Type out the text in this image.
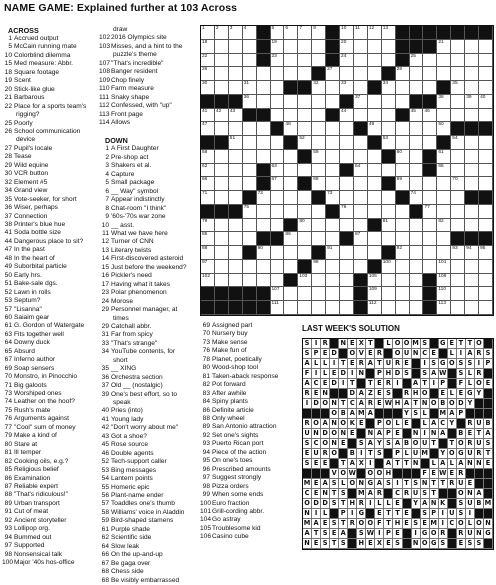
NAME GAME: Explained further at 103 Across
ACROSS
1 Accrued output
5 McCain running mate
10 Colorblind dilemma
15 Med measure: Abbr.
18 Square footage
19 Scent
20 Stick-like glue
21 Barbarous
22 Place for a sports team's
rigging?
25 Poorly
26 School communication
device
27 Pupil's locale
28 Tease
29 Wild equine
30 VCR button
32 Element #5
34 Grand view
35 Vote-seeker, for short
36 Wiser, perhaps
37 Connection
38 Printer's blue hue
41 Soda bottle size
44 Dangerous place to sit?
47 In the past
48 In the heart of
49 Suborbital particle
50 Early hrs.
51 Bake-sale dgs.
52 Lawn in rolls
53 Septum?
57 "Lisanna"
60 Saiaim gear
61 G. Gordon of Watergate
63 Fits together well
64 Downy duck
65 Absurd
67 Inferno author
69 Soap sensers
70 Monstro, in Pinocchio
71 Big galoots
73 Worshiped ones
74 Leather on the hoof?
75 Rush's mate
76 Arguments against
77 "Cool" sum of money
79 Make a kind of
80 Stare at
81 Ill temper
82 Cooking oils, e.g.?
85 Religious belief
86 Examination
87 Reliable expert
88 "That's ridiculous!"
89 Urban transport
91 Cut of meat
92 Ancient storyteller
93 Lollipop org.
94 Bummed out
97 Supported
98 Nonsensical talk
100 Major '40s hos-office
draw
102 2016 Olympics site
103 Misses, and a hint to the
puzzle's theme
107 "That's incredible"
108 Banger resident
109 Chop finely
110 Farm measure
111 Snaky shape
112 Confessed, with "up"
113 Front page
114 Allows
DOWN
1 A First Daughter
2 Pre-shop act
3 Shakers et al.
4 Capture
5 Small package
6 __ Way" symbol
7 Appear indistinctly
8 Chat-room "I think"
9 '60s-'70s war zone
10 __ asst.
11 What we have here
12 Turner of CNN
13 Literary twists
14 First-discovered asteroid
15 Just before the weekend?
16 Pickler's need
17 Having what it takes
23 Polar phenomenon
24 Morose
29 Personnel manager, at
times
29 Catchall abbr.
31 Far from spicy
33 "That's strange"
34 YouTube contents, for
short
35 __ XING
36 Orchestra section
37 Old __ (nostalgic)
39 One's best effort, so to
speak
40 Pries (into)
41 Young lady
42 "Don't worry about me"
43 Got a shoe?
45 Rose source
46 Double agents
52 Tech-support caller
53 Bing messages
54 Lantern points
55 Homeric epic
56 Plant-name ender
57 Toaddles one's thumb
58 Williams' voice in Aladdin
59 Bird-shaped stamens
61 Purple shade
62 Scientific side
64 Slow leak
66 On the up-and-up
67 Be gaga over
68 Chess side
68 Be visibly embarrassed
69 Assigned part
70 Nursery buy
73 Make sense
76 Make fun of
78 Planet, poetically
80 Wood-shop tool
81 Taken-aback response
82 Pot forward
83 After awhile
84 Spiny plants
86 Definite article
88 Only wheel
89 San Antonio attraction
92 Set one's sights
93 Puerto Rican port
94 Piece of the action
95 On one's toes
96 Prescribed amounts
97 Suggest strongly
98 Pizza orders
99 When some ends
100 Euro fraction
101 Grill-cording abbr.
104 Go astray
105 Troublesome kid
106 Casino cube
1 2 3 4	5 6 7 8	10 11 12 13
18	19	20	21
22	23	24	25
26	27	28
30	31	32	33	34	35
36	37	38	39 40
41 42 43	44	45 46
47	48	49	50
51	52	53	54
58	59	60	61
62	63	64	65
66	67	68	69	70
71	72	73	74
75	76	77
79	80	81	82
85	86	87
88	90	91	92	93 94 95
97	98	100	101
102	103	105	106
107	109	110
111	112	113
LAST WEEK'S SOLUTION
S I R	N E X T	L O O M S	G E T T O
S P E D	O V E R	O U N C E	L I A R S
A L L I T E R A T U R E	I S G O S S I P
F I L E D I N	P H D S	S A W S L R
A C E D I T	T E R I	A T I P	F L O E
R E N	D A Z E S	R H O	E L E G Y
I D O N T C A R E W H A T N O B O D Y
O B A M A	Y S L	M A P
R O A N O K E	P O L E	L A C Y	R U B
U N D O N E	N A P E	N I N A	B E T A
S C O N E	S A Y S A B O U T	T O R U S
E U R O	B I T S	P L U M Y O G U R T
S E E	T A X I	A T T N	L A L A N N E
V O W O O H	F E W E R
M E A S L O N G A S I T S N T T R U E
C E N T S	M A R	C R U S T	O N A
O D D S T H R I L L E	Y A N K	S U B M
N I L	P I G	E T T E	S P I U S I
M A E S T R O O F T H E S E M I C O L O N
A T S E A	S W I P E	I G O R	R U N G
N E S T S	H E X E S	N O G S	E S S
